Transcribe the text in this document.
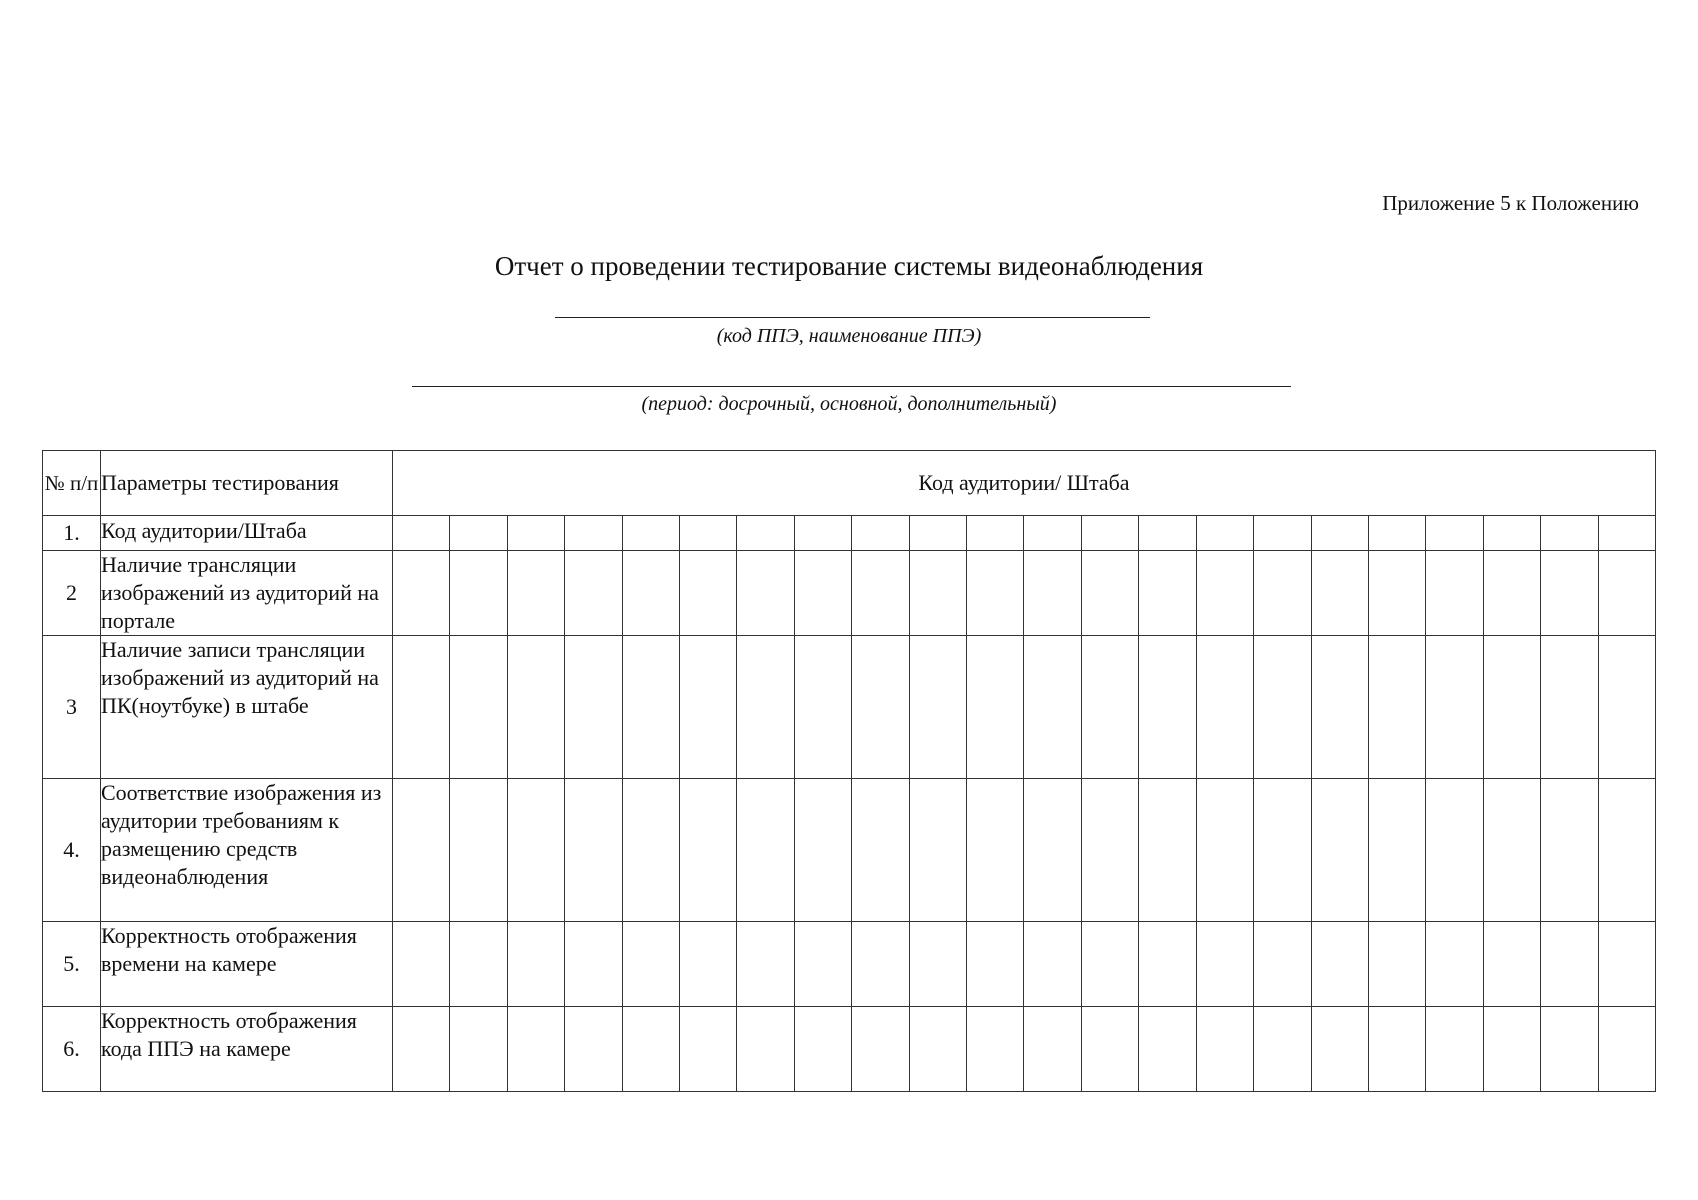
Приложение 5 к Положению
Отчет о проведении тестирование системы видеонаблюдения
(код ППЭ, наименование ППЭ)
(период: досрочный, основной, дополнительный)
№ п/п	Параметры тестирования	Код аудитории/ Штаба																					
1.	Код аудитории/Штаба																						
2	Наличие трансляции изображений из аудиторий на портале																						
3	Наличие записи трансляции изображений из аудиторий на ПК(ноутбуке) в штабе																						
4.	Соответствие изображения из аудитории требованиям к размещению средств видеонаблюдения																						
5.	Корректность отображения времени на камере																						
6.	Корректность отображения кода ППЭ на камере																						
